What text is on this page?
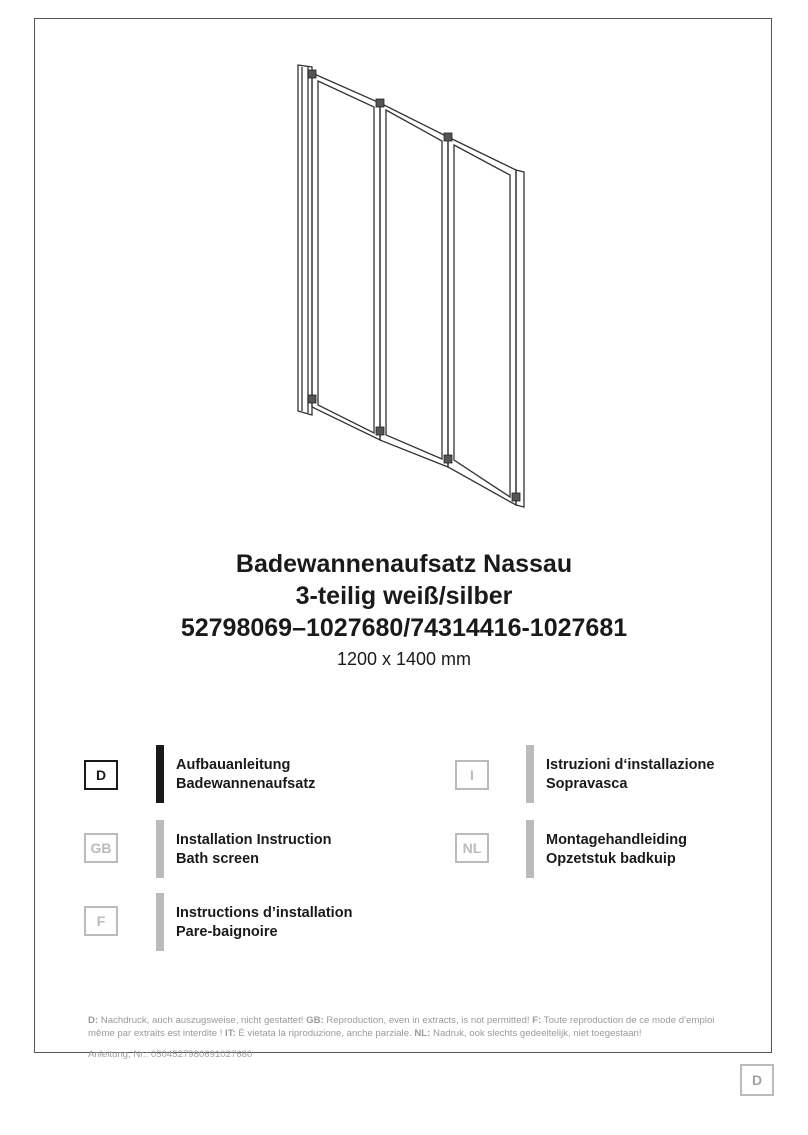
Badewannenaufsatz Nassau
3-teilig weiß/silber
52798069–1027680/74314416-1027681
1200 x 1400 mm
D
Aufbauanleitung
Badewannenaufsatz
GB	Installation Instruction
Bath screen
F	Instructions d’installation
Pare-baignoire
I
Istruzioni d‘installazione
Sopravasca
NL	Montagehandleiding
Opzetstuk badkuip
D: Nachdruck, auch auszugsweise, nicht gestattet! GB: Reproduction, even in extracts, is not permitted! F: Toute reproduction de ce mode d’emploi même par extraits est interdite ! IT: È vietata la riproduzione, anche parziale. NL: Nadruk, ook slechts gedeeltelijk, niet toegestaan!
Anleitung, Nr.: 0504527980691027680
D
